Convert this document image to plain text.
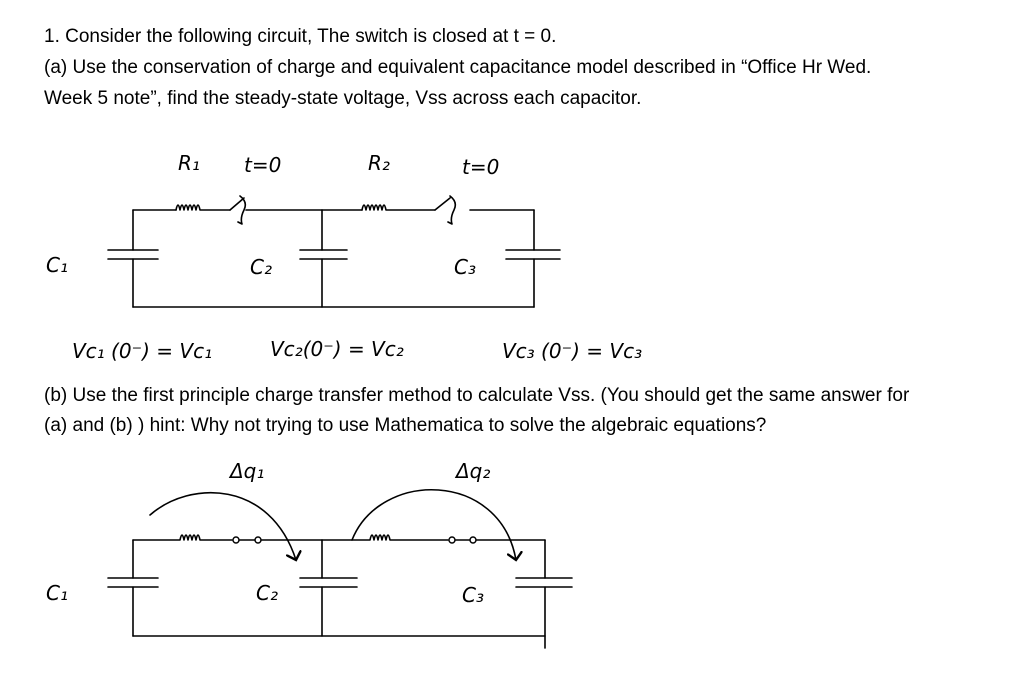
1. Consider the following circuit, The switch is closed at t = 0.

(a) Use the conservation of charge and equivalent capacitance model described in “Office Hr Wed.

Week 5 note”, find the steady-state voltage, Vss across each capacitor.

R₁ t=0	R₂	t=0
C₁	C₂	C₃
Vc₁ (0⁻) = Vc₁	Vc₂(0⁻) = Vc₂	Vc₃ (0⁻) = Vc₃
Δq₁	Δq₂
C₁	C₂	C₃

(b) Use the first principle charge transfer method to calculate Vss. (You should get the same answer for

(a) and (b) ) hint: Why not trying to use Mathematica to solve the algebraic equations?
